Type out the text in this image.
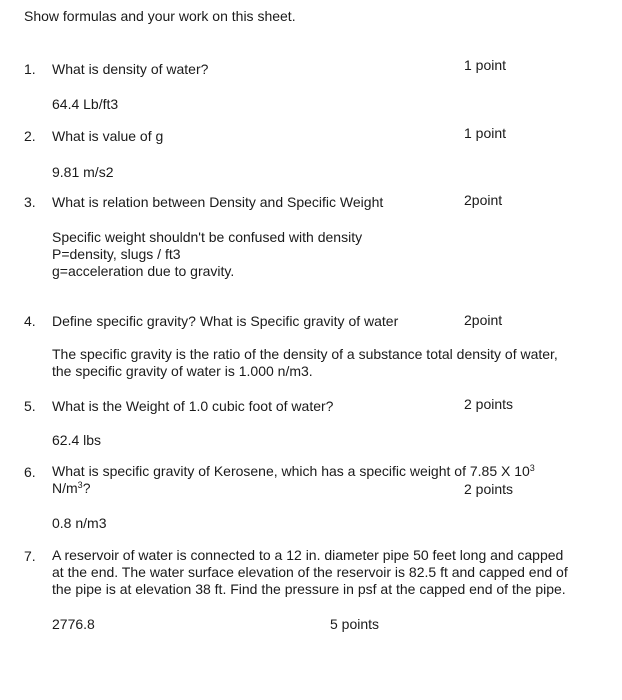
Show formulas and your work on this sheet.
1. What is density of water?	1 point
64.4 Lb/ft3
2. What is value of g	1 point
9.81 m/s2
3. What is relation between Density and Specific Weight	2point
Specific weight shouldn't be confused with density
P=density, slugs / ft3
g=acceleration due to gravity.
4. Define specific gravity? What is Specific gravity of water	2point
The specific gravity is the ratio of the density of a substance total density of water,
the specific gravity of water is 1.000 n/m3.
5. What is the Weight of 1.0 cubic foot of water?	2 points
62.4 lbs
6. What is specific gravity of Kerosene, which has a specific weight of 7.85 X $10^3$
$N/m^3$?	2 points
0.8 n/m3
7. A reservoir of water is connected to a 12 in. diameter pipe 50 feet long and capped
at the end. The water surface elevation of the reservoir is 82.5 ft and capped end of
the pipe is at elevation 38 ft. Find the pressure in psf at the capped end of the pipe.
2776.8	5 points
